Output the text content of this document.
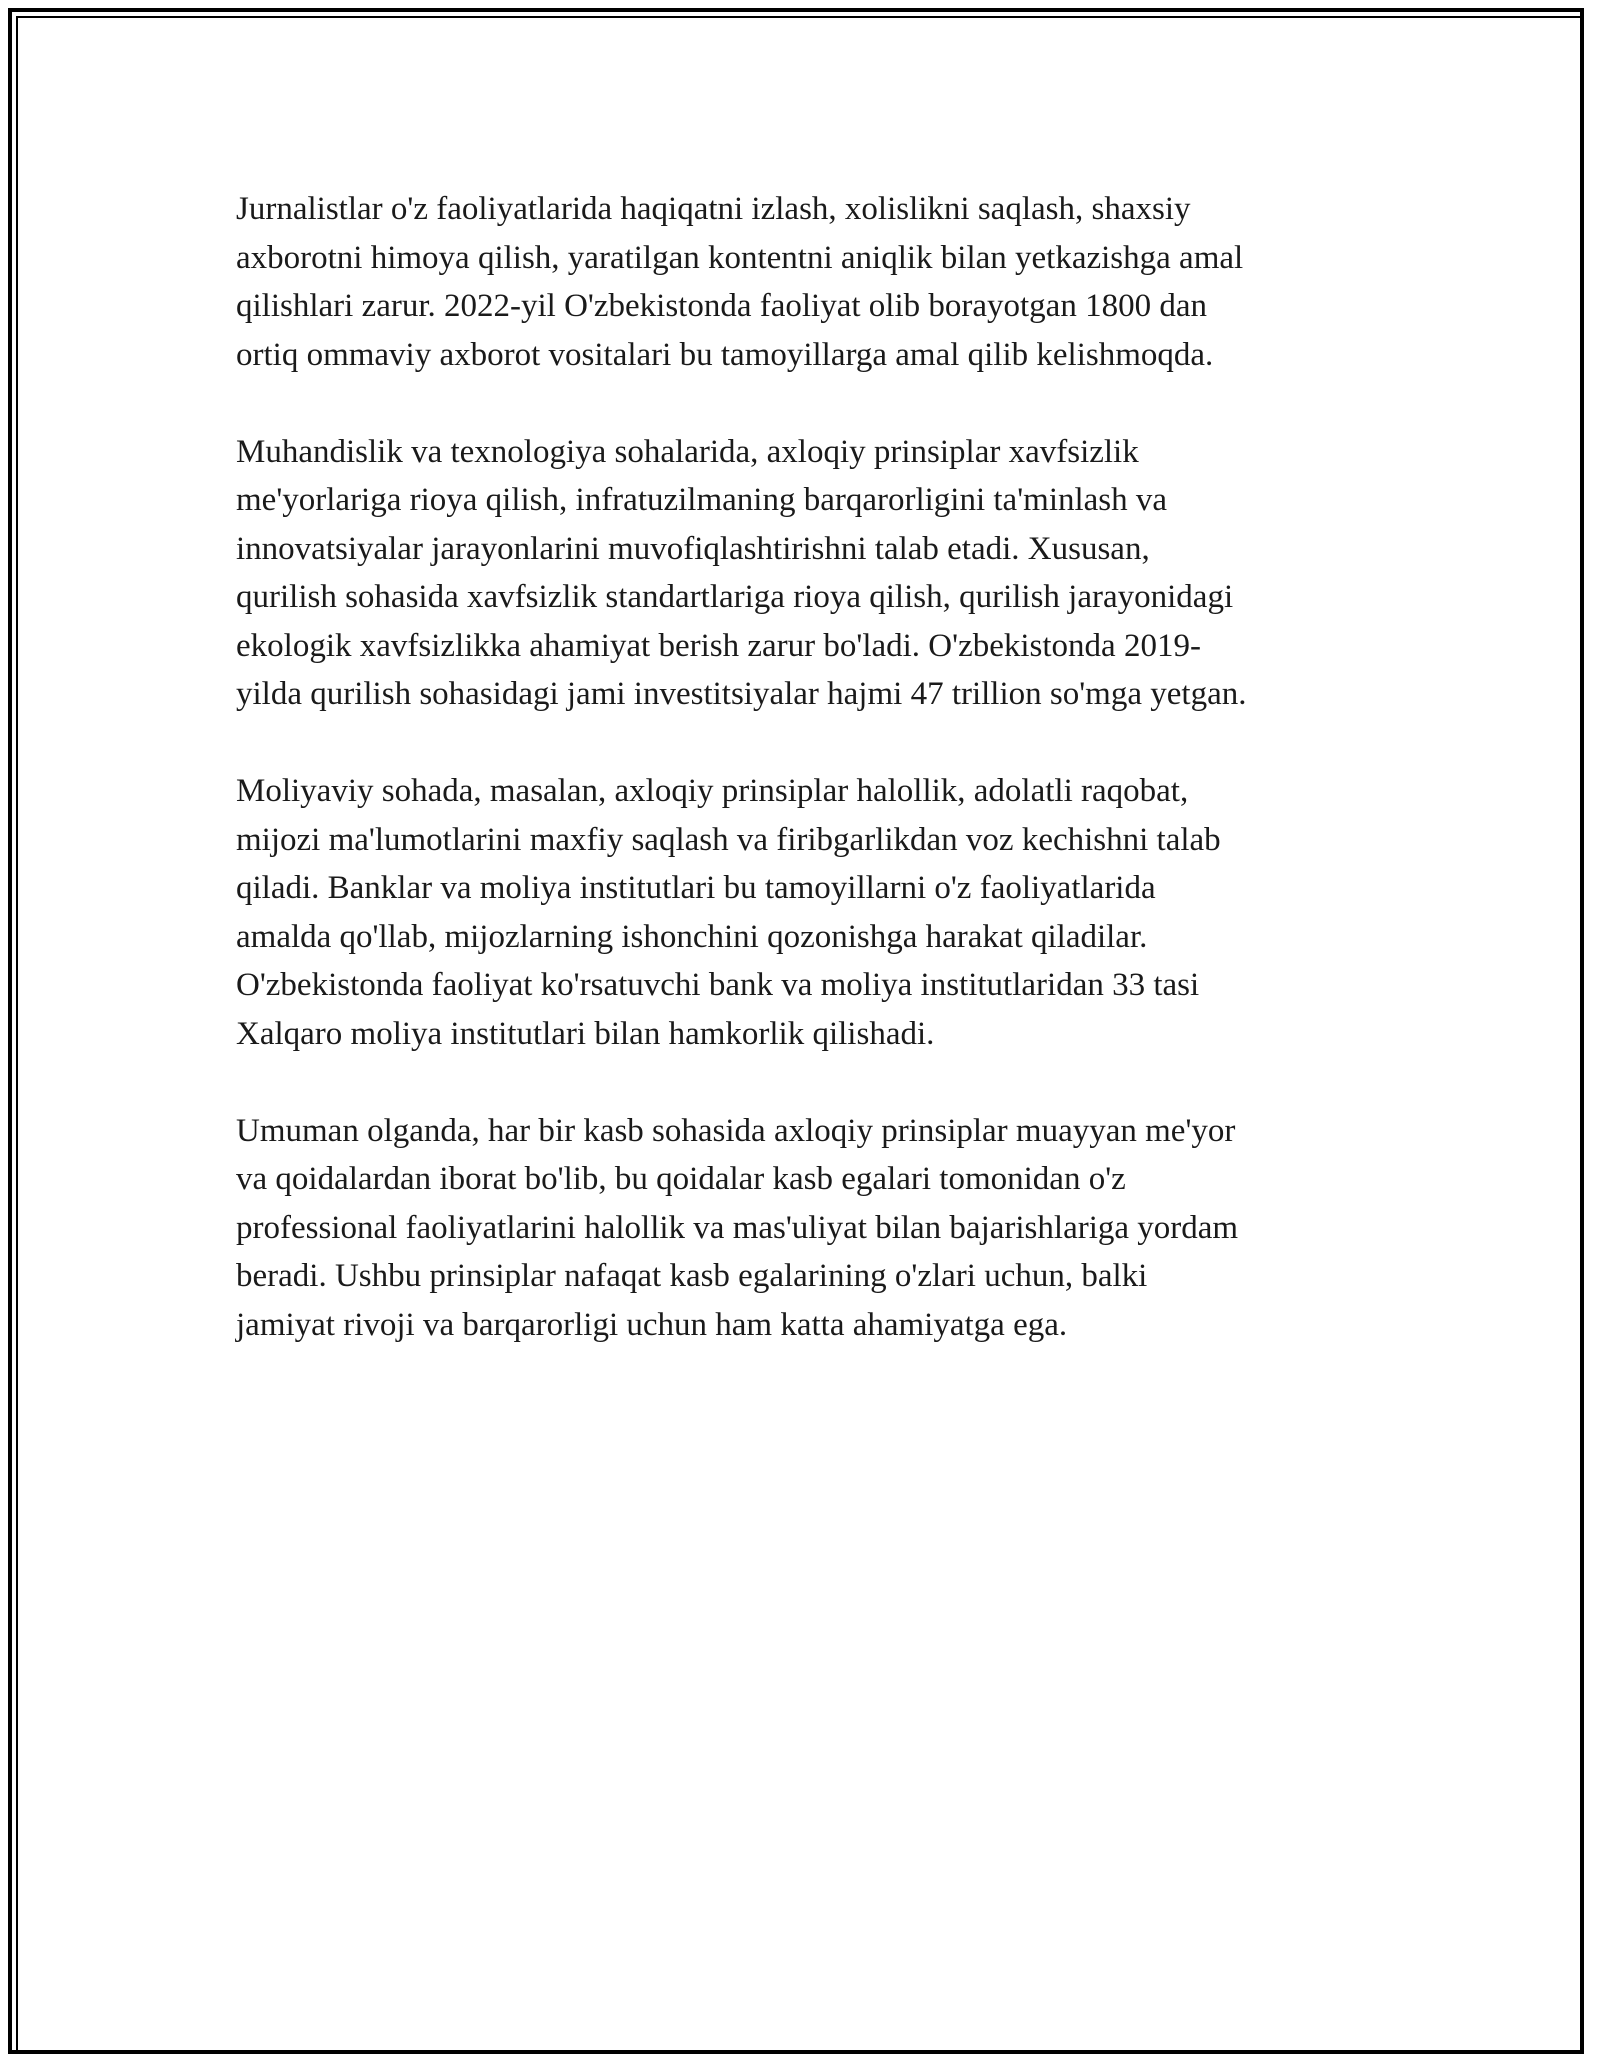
Jurnalistlar o'z faoliyatlarida haqiqatni izlash, xolislikni saqlash, shaxsiy
axborotni himoya qilish, yaratilgan kontentni aniqlik bilan yetkazishga amal
qilishlari zarur. 2022-yil O'zbekistonda faoliyat olib borayotgan 1800 dan
ortiq ommaviy axborot vositalari bu tamoyillarga amal qilib kelishmoqda.

Muhandislik va texnologiya sohalarida, axloqiy prinsiplar xavfsizlik
me'yorlariga rioya qilish, infratuzilmaning barqarorligini ta'minlash va
innovatsiyalar jarayonlarini muvofiqlashtirishni talab etadi. Xususan,
qurilish sohasida xavfsizlik standartlariga rioya qilish, qurilish jarayonidagi
ekologik xavfsizlikka ahamiyat berish zarur bo'ladi. O'zbekistonda 2019-
yilda qurilish sohasidagi jami investitsiyalar hajmi 47 trillion so'mga yetgan.

Moliyaviy sohada, masalan, axloqiy prinsiplar halollik, adolatli raqobat,
mijozi ma'lumotlarini maxfiy saqlash va firibgarlikdan voz kechishni talab
qiladi. Banklar va moliya institutlari bu tamoyillarni o'z faoliyatlarida
amalda qo'llab, mijozlarning ishonchini qozonishga harakat qiladilar.
O'zbekistonda faoliyat ko'rsatuvchi bank va moliya institutlaridan 33 tasi
Xalqaro moliya institutlari bilan hamkorlik qilishadi.

Umuman olganda, har bir kasb sohasida axloqiy prinsiplar muayyan me'yor
va qoidalardan iborat bo'lib, bu qoidalar kasb egalari tomonidan o'z
professional faoliyatlarini halollik va mas'uliyat bilan bajarishlariga yordam
beradi. Ushbu prinsiplar nafaqat kasb egalarining o'zlari uchun, balki
jamiyat rivoji va barqarorligi uchun ham katta ahamiyatga ega.
